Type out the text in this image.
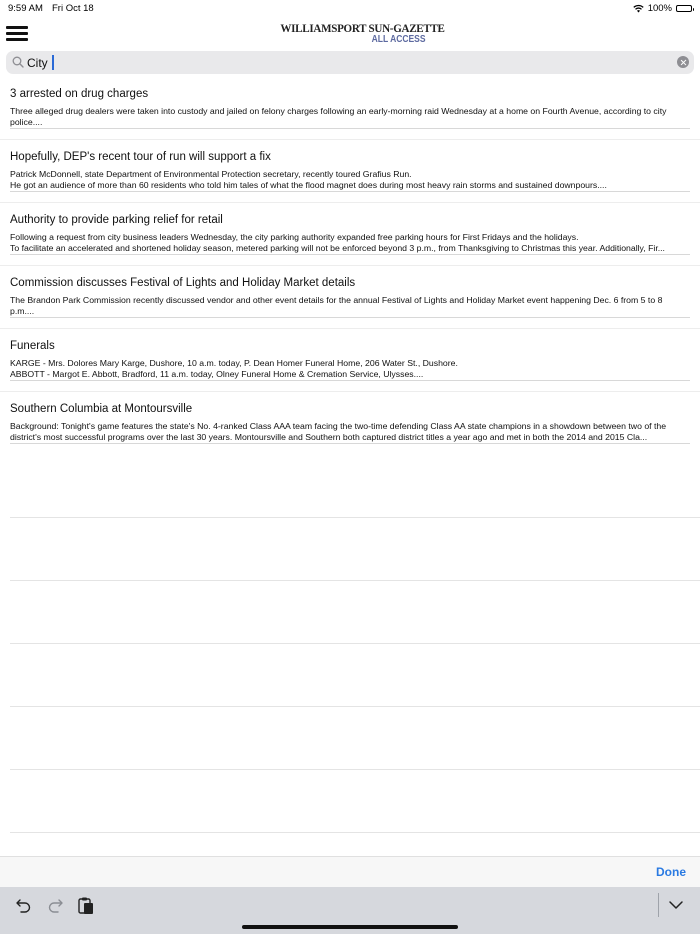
9:59 AM Fri Oct 18	100%
WILLIAMSPORT SUN-GAZETTE
ALL ACCESS
City
3 arrested on drug charges
Three alleged drug dealers were taken into custody and jailed on felony charges following an early-morning raid Wednesday at a home on Fourth Avenue, according to city police....
Hopefully, DEP's recent tour of run will support a fix
Patrick McDonnell, state Department of Environmental Protection secretary, recently toured Grafius Run.
He got an audience of more than 60 residents who told him tales of what the flood magnet does during most heavy rain storms and sustained downpours....
Authority to provide parking relief for retail
Following a request from city business leaders Wednesday, the city parking authority expanded free parking hours for First Fridays and the holidays.
To facilitate an accelerated and shortened holiday season, metered parking will not be enforced beyond 3 p.m., from Thanksgiving to Christmas this year. Additionally, Fir...
Commission discusses Festival of Lights and Holiday Market details
The Brandon Park Commission recently discussed vendor and other event details for the annual Festival of Lights and Holiday Market event happening Dec. 6 from 5 to 8 p.m....
Funerals
KARGE - Mrs. Dolores Mary Karge, Dushore, 10 a.m. today, P. Dean Homer Funeral Home, 206 Water St., Dushore.
ABBOTT - Margot E. Abbott, Bradford, 11 a.m. today, Olney Funeral Home & Cremation Service, Ulysses....
Southern Columbia at Montoursville
Background: Tonight's game features the state's No. 4-ranked Class AAA team facing the two-time defending Class AA state champions in a showdown between two of the district's most successful programs over the last 30 years. Montoursville and Southern both captured district titles a year ago and met in both the 2014 and 2015 Cla...
Done
